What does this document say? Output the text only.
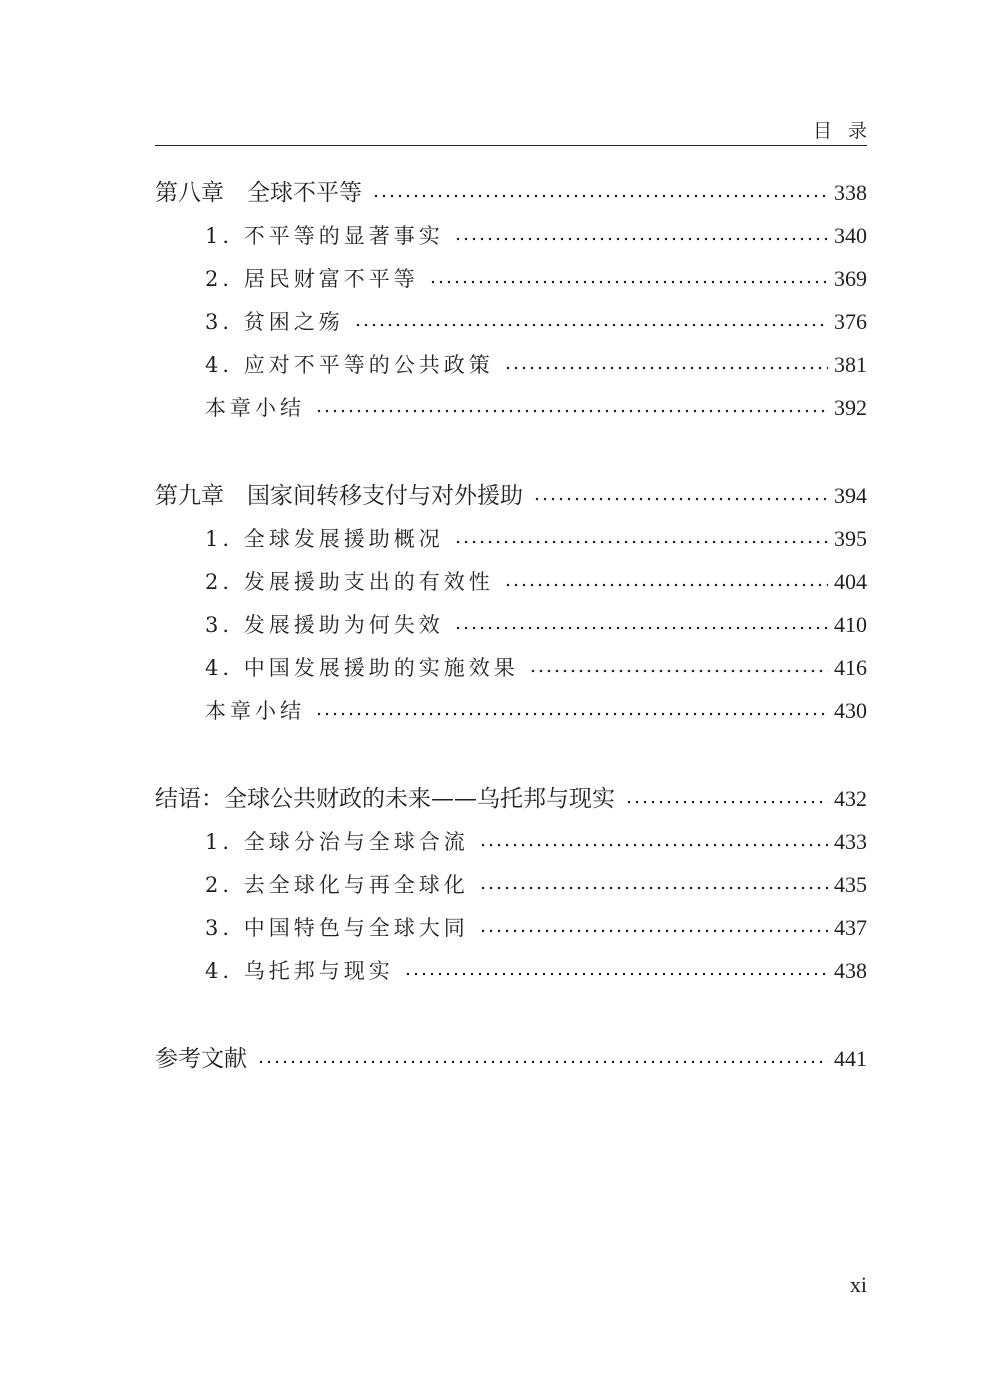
目录
第八章　全球不平等	338
1. 不平等的显著事实	340
2. 居民财富不平等	369
3. 贫困之殇	376
4. 应对不平等的公共政策	381
本章小结	392
第九章　国家间转移支付与对外援助	394
1. 全球发展援助概况	395
2. 发展援助支出的有效性	404
3. 发展援助为何失效	410
4. 中国发展援助的实施效果	416
本章小结	430
结语：全球公共财政的未来——乌托邦与现实	432
1. 全球分治与全球合流	433
2. 去全球化与再全球化	435
3. 中国特色与全球大同	437
4. 乌托邦与现实	438
参考文献	441
xi
